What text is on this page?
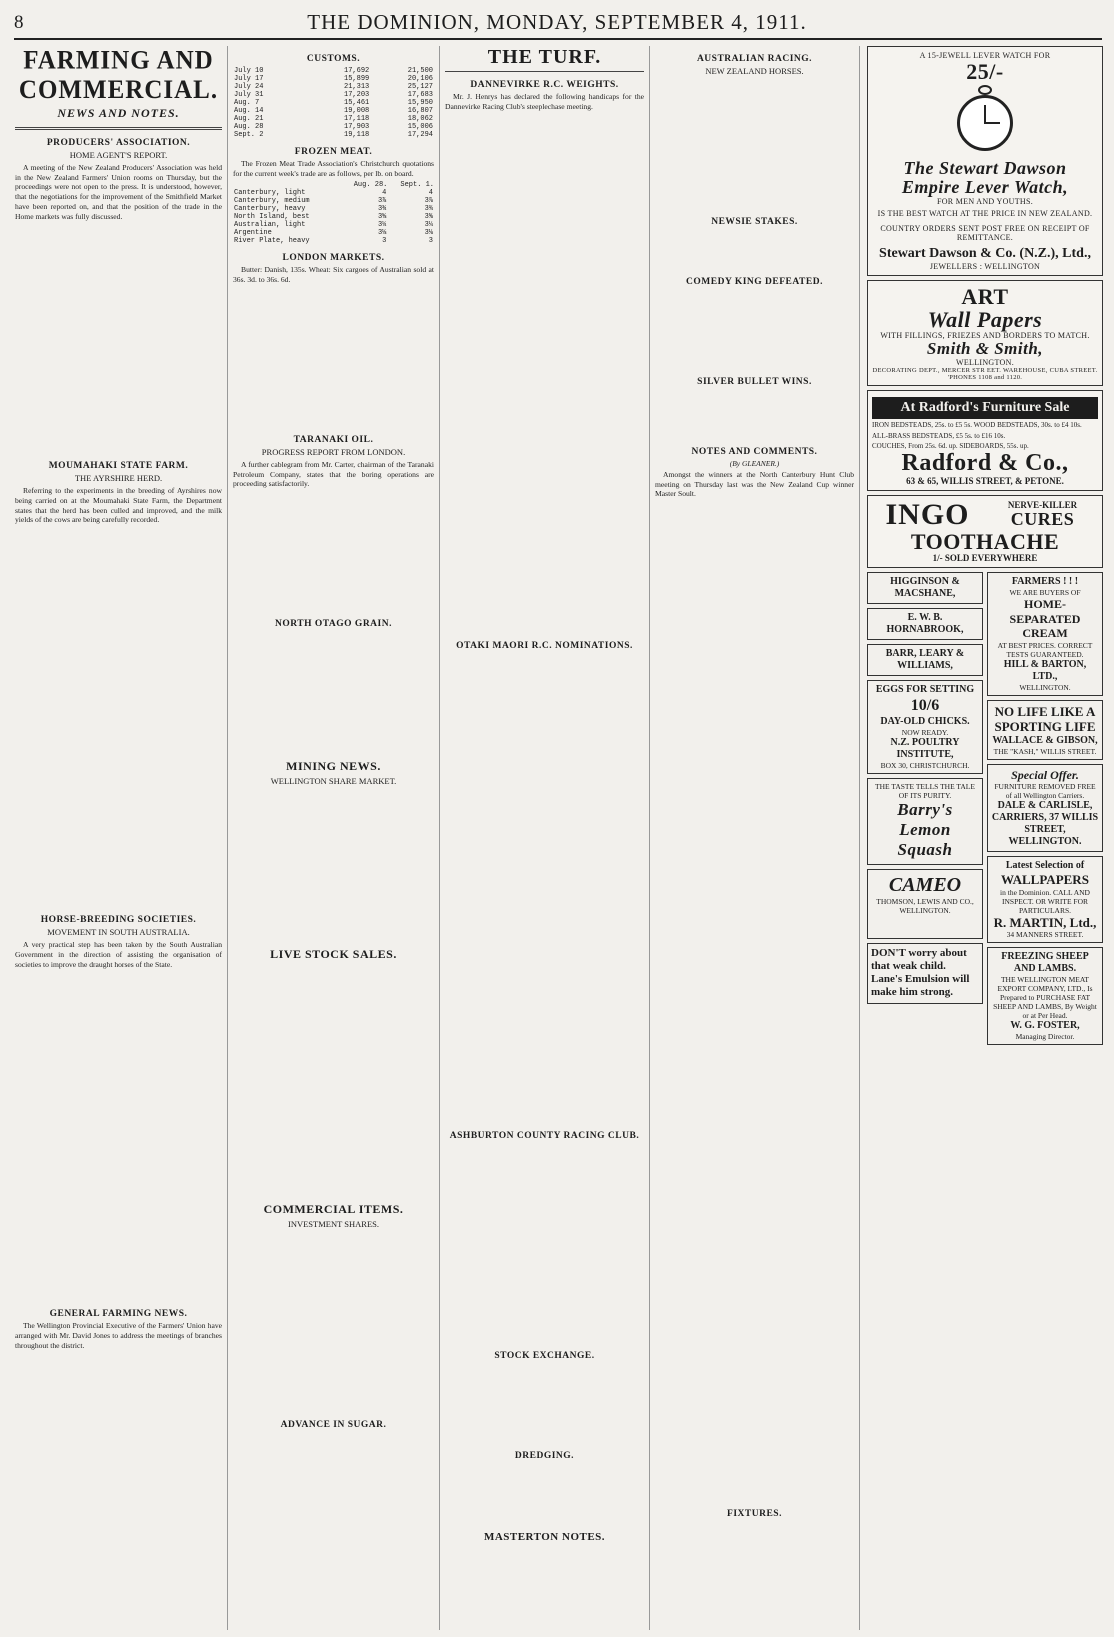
8	THE DOMINION, MONDAY, SEPTEMBER 4, 1911.
FARMING AND COMMERCIAL.
NEWS AND NOTES.
PRODUCERS' ASSOCIATION.
HOME AGENT'S REPORT.

A meeting of the New Zealand Producers' Association was held in the New Zealand Farmers' Union rooms on Thursday, but the proceedings were not open to the press. It is understood, however, that the negotiations for the improvement of the Smithfield Market have been reported on, and that the position of the trade in the Home markets was fully discussed.

MOUMAHAKI STATE FARM.
THE AYRSHIRE HERD.

Referring to the experiments in the breeding of Ayrshires now being carried on at the Moumahaki State Farm, the Department states that the herd has been culled and improved, and the milk yields of the cows are being carefully recorded.

HORSE-BREEDING SOCIETIES.
MOVEMENT IN SOUTH AUSTRALIA.

A very practical step has been taken by the South Australian Government in the direction of assisting the organisation of societies to improve the draught horses of the State.

GENERAL FARMING NEWS.

The Wellington Provincial Executive of the Farmers' Union have arranged with Mr. David Jones to address the meetings of branches throughout the district.

CUSTOMS.
July 10	17,692	21,500
July 17	15,899	20,106
July 24	21,313	25,127
July 31	17,203	17,683
Aug. 7	15,461	15,950
Aug. 14	19,008	16,807
Aug. 21	17,118	18,062
Aug. 28	17,903	15,006
Sept. 2	19,118	17,294
FROZEN MEAT.

The Frozen Meat Trade Association's Christchurch quotations for the current week's trade are as follows, per lb. on board.

	Aug. 28.	Sept. 1.
Canterbury, light	4	4
Canterbury, medium	3⅞	3⅞
Canterbury, heavy	3¾	3¾
North Island, best	3⅝	3⅝
Australian, light	3¼	3¼
Argentine	3⅛	3⅛
River Plate, heavy	3	3
LONDON MARKETS.

Butter: Danish, 135s. Wheat: Six cargoes of Australian sold at 36s. 3d. to 36s. 6d.

TARANAKI OIL.
PROGRESS REPORT FROM LONDON.

A further cablegram from Mr. Carter, chairman of the Taranaki Petroleum Company, states that the boring operations are proceeding satisfactorily.

NORTH OTAGO GRAIN.
MINING NEWS.
WELLINGTON SHARE MARKET.
LIVE STOCK SALES.
COMMERCIAL ITEMS.
INVESTMENT SHARES.
ADVANCE IN SUGAR.
THE TURF.
DANNEVIRKE R.C. WEIGHTS.

Mr. J. Henrys has declared the following handicaps for the Dannevirke Racing Club's steeplechase meeting.

OTAKI MAORI R.C. NOMINATIONS.
ASHBURTON COUNTY RACING CLUB.
STOCK EXCHANGE.
DREDGING.
MASTERTON NOTES.
AUSTRALIAN RACING.
NEW ZEALAND HORSES.
NEWSIE STAKES.
COMEDY KING DEFEATED.
SILVER BULLET WINS.
NOTES AND COMMENTS.
(By GLEANER.)

Amongst the winners at the North Canterbury Hunt Club meeting on Thursday last was the New Zealand Cup winner Master Soult.

FIXTURES.
A 15-JEWELL LEVER WATCH FOR
25/-
The Stewart Dawson
Empire Lever Watch,
FOR MEN AND YOUTHS.
IS THE BEST WATCH AT THE PRICE IN NEW ZEALAND.
COUNTRY ORDERS SENT POST FREE ON RECEIPT OF REMITTANCE.
Stewart Dawson & Co. (N.Z.), Ltd.,
JEWELLERS : WELLINGTON
ART
Wall Papers
WITH FILLINGS, FRIEZES AND BORDERS TO MATCH.
Smith & Smith,
WELLINGTON.
DECORATING DEPT., MERCER STR EET. WAREHOUSE, CUBA STREET. 'PHONES 1108 and 1120.
At Radford's Furniture Sale
IRON BEDSTEADS, 25s. to £5 5s. WOOD BEDSTEADS, 30s. to £4 10s.
ALL-BRASS BEDSTEADS, £5 5s. to £16 10s.
COUCHES, From 25s. 6d. up. SIDEBOARDS, 55s. up.
Radford & Co.,
63 & 65, WILLIS STREET, & PETONE.
INGO	NERVE-KILLER
CURES
TOOTHACHE
1/- SOLD EVERYWHERE
HIGGINSON & MACSHANE,
E. W. B. HORNABROOK,
BARR, LEARY & WILLIAMS,
EGGS FOR SETTING
10/6
DAY-OLD CHICKS.
NOW READY.
N.Z. POULTRY INSTITUTE,
BOX 30, CHRISTCHURCH.
THE TASTE TELLS THE TALE OF ITS PURITY.
Barry's Lemon Squash
CAMEO
THOMSON, LEWIS AND CO., WELLINGTON.
DON'T worry about
that weak child.
Lane's Emulsion will
make him strong.
FARMERS ! ! !
WE ARE BUYERS OF
HOME-SEPARATED CREAM
AT BEST PRICES. CORRECT TESTS GUARANTEED.
HILL & BARTON, LTD.,
WELLINGTON.
NO LIFE LIKE A SPORTING LIFE
WALLACE & GIBSON,
THE "KASH," WILLIS STREET.
Special Offer.
FURNITURE REMOVED FREE of all Wellington Carriers.
DALE & CARLISLE, CARRIERS, 37 WILLIS STREET, WELLINGTON.
Latest Selection of
WALLPAPERS
in the Dominion. CALL AND INSPECT. OR WRITE FOR PARTICULARS.
R. MARTIN, Ltd.,
34 MANNERS STREET.
FREEZING SHEEP AND LAMBS.
THE WELLINGTON MEAT EXPORT COMPANY, LTD., Is Prepared to PURCHASE FAT SHEEP AND LAMBS, By Weight or at Per Head.
W. G. FOSTER,
Managing Director.
